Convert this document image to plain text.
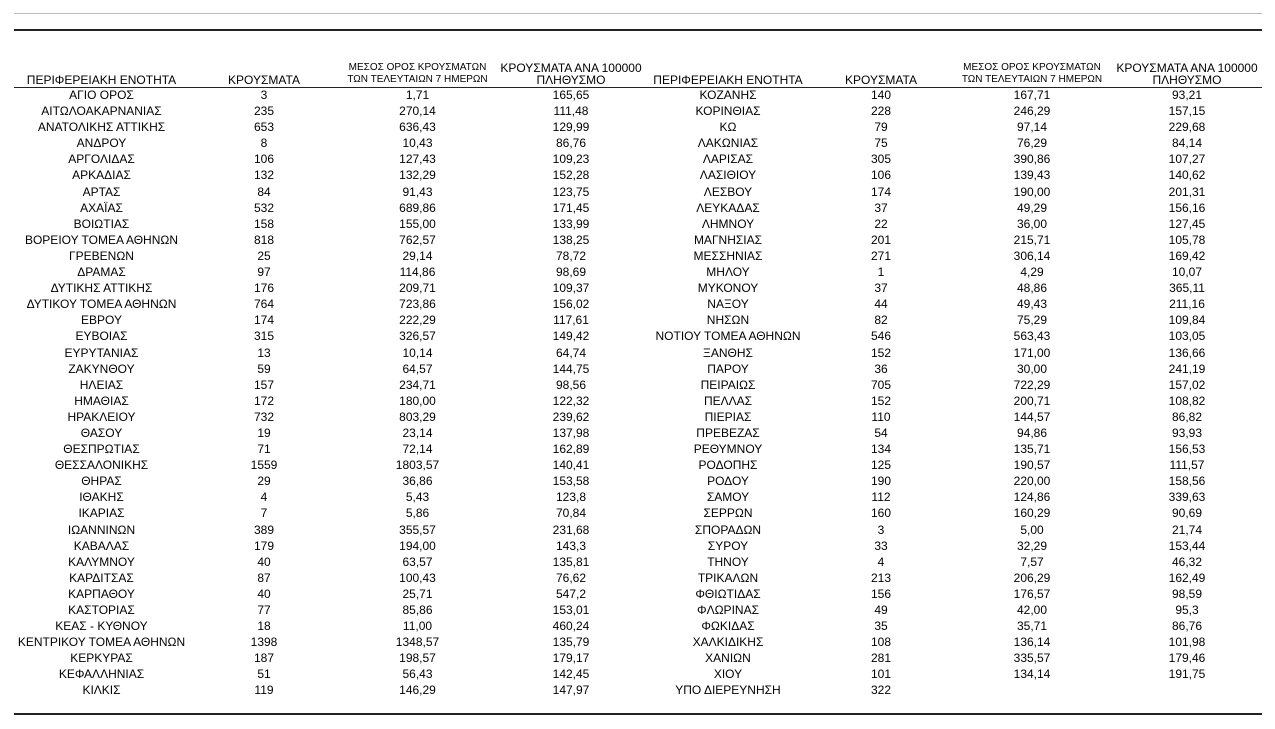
ΠΕΡΙΦΕΡΕΙΑΚΗ ΕΝΟΤΗΤΑ	ΚΡΟΥΣΜΑΤΑ	ΜΕΣΟΣ ΟΡΟΣ ΚΡΟΥΣΜΑΤΩΝ
ΤΩΝ ΤΕΛΕΥΤΑΙΩΝ 7 ΗΜΕΡΩΝ	ΚΡΟΥΣΜΑΤΑ ΑΝΑ 100000
ΠΛΗΘΥΣΜΟ	ΠΕΡΙΦΕΡΕΙΑΚΗ ΕΝΟΤΗΤΑ	ΚΡΟΥΣΜΑΤΑ	ΜΕΣΟΣ ΟΡΟΣ ΚΡΟΥΣΜΑΤΩΝ
ΤΩΝ ΤΕΛΕΥΤΑΙΩΝ 7 ΗΜΕΡΩΝ	ΚΡΟΥΣΜΑΤΑ ΑΝΑ 100000
ΠΛΗΘΥΣΜΟ
ΑΓΙΟ ΟΡΟΣ	3	1,71	165,65	ΚΟΖΑΝΗΣ	140	167,71	93,21
ΑΙΤΩΛΟΑΚΑΡΝΑΝΙΑΣ	235	270,14	111,48	ΚΟΡΙΝΘΙΑΣ	228	246,29	157,15
ΑΝΑΤΟΛΙΚΗΣ ΑΤΤΙΚΗΣ	653	636,43	129,99	ΚΩ	79	97,14	229,68
ΑΝΔΡΟΥ	8	10,43	86,76	ΛΑΚΩΝΙΑΣ	75	76,29	84,14
ΑΡΓΟΛΙΔΑΣ	106	127,43	109,23	ΛΑΡΙΣΑΣ	305	390,86	107,27
ΑΡΚΑΔΙΑΣ	132	132,29	152,28	ΛΑΣΙΘΙΟΥ	106	139,43	140,62
ΑΡΤΑΣ	84	91,43	123,75	ΛΕΣΒΟΥ	174	190,00	201,31
ΑΧΑΪΑΣ	532	689,86	171,45	ΛΕΥΚΑΔΑΣ	37	49,29	156,16
ΒΟΙΩΤΙΑΣ	158	155,00	133,99	ΛΗΜΝΟΥ	22	36,00	127,45
ΒΟΡΕΙΟΥ ΤΟΜΕΑ ΑΘΗΝΩΝ	818	762,57	138,25	ΜΑΓΝΗΣΙΑΣ	201	215,71	105,78
ΓΡΕΒΕΝΩΝ	25	29,14	78,72	ΜΕΣΣΗΝΙΑΣ	271	306,14	169,42
ΔΡΑΜΑΣ	97	114,86	98,69	ΜΗΛΟΥ	1	4,29	10,07
ΔΥΤΙΚΗΣ ΑΤΤΙΚΗΣ	176	209,71	109,37	ΜΥΚΟΝΟΥ	37	48,86	365,11
ΔΥΤΙΚΟΥ ΤΟΜΕΑ ΑΘΗΝΩΝ	764	723,86	156,02	ΝΑΞΟΥ	44	49,43	211,16
ΕΒΡΟΥ	174	222,29	117,61	ΝΗΣΩΝ	82	75,29	109,84
ΕΥΒΟΙΑΣ	315	326,57	149,42	ΝΟΤΙΟΥ ΤΟΜΕΑ ΑΘΗΝΩΝ	546	563,43	103,05
ΕΥΡΥΤΑΝΙΑΣ	13	10,14	64,74	ΞΑΝΘΗΣ	152	171,00	136,66
ΖΑΚΥΝΘΟΥ	59	64,57	144,75	ΠΑΡΟΥ	36	30,00	241,19
ΗΛΕΙΑΣ	157	234,71	98,56	ΠΕΙΡΑΙΩΣ	705	722,29	157,02
ΗΜΑΘΙΑΣ	172	180,00	122,32	ΠΕΛΛΑΣ	152	200,71	108,82
ΗΡΑΚΛΕΙΟΥ	732	803,29	239,62	ΠΙΕΡΙΑΣ	110	144,57	86,82
ΘΑΣΟΥ	19	23,14	137,98	ΠΡΕΒΕΖΑΣ	54	94,86	93,93
ΘΕΣΠΡΩΤΙΑΣ	71	72,14	162,89	ΡΕΘΥΜΝΟΥ	134	135,71	156,53
ΘΕΣΣΑΛΟΝΙΚΗΣ	1559	1803,57	140,41	ΡΟΔΟΠΗΣ	125	190,57	111,57
ΘΗΡΑΣ	29	36,86	153,58	ΡΟΔΟΥ	190	220,00	158,56
ΙΘΑΚΗΣ	4	5,43	123,8	ΣΑΜΟΥ	112	124,86	339,63
ΙΚΑΡΙΑΣ	7	5,86	70,84	ΣΕΡΡΩΝ	160	160,29	90,69
ΙΩΑΝΝΙΝΩΝ	389	355,57	231,68	ΣΠΟΡΑΔΩΝ	3	5,00	21,74
ΚΑΒΑΛΑΣ	179	194,00	143,3	ΣΥΡΟΥ	33	32,29	153,44
ΚΑΛΥΜΝΟΥ	40	63,57	135,81	ΤΗΝΟΥ	4	7,57	46,32
ΚΑΡΔΙΤΣΑΣ	87	100,43	76,62	ΤΡΙΚΑΛΩΝ	213	206,29	162,49
ΚΑΡΠΑΘΟΥ	40	25,71	547,2	ΦΘΙΩΤΙΔΑΣ	156	176,57	98,59
ΚΑΣΤΟΡΙΑΣ	77	85,86	153,01	ΦΛΩΡΙΝΑΣ	49	42,00	95,3
ΚΕΑΣ - ΚΥΘΝΟΥ	18	11,00	460,24	ΦΩΚΙΔΑΣ	35	35,71	86,76
ΚΕΝΤΡΙΚΟΥ ΤΟΜΕΑ ΑΘΗΝΩΝ	1398	1348,57	135,79	ΧΑΛΚΙΔΙΚΗΣ	108	136,14	101,98
ΚΕΡΚΥΡΑΣ	187	198,57	179,17	ΧΑΝΙΩΝ	281	335,57	179,46
ΚΕΦΑΛΛΗΝΙΑΣ	51	56,43	142,45	ΧΙΟΥ	101	134,14	191,75
ΚΙΛΚΙΣ	119	146,29	147,97	ΥΠΟ ΔΙΕΡΕΥΝΗΣΗ	322		
